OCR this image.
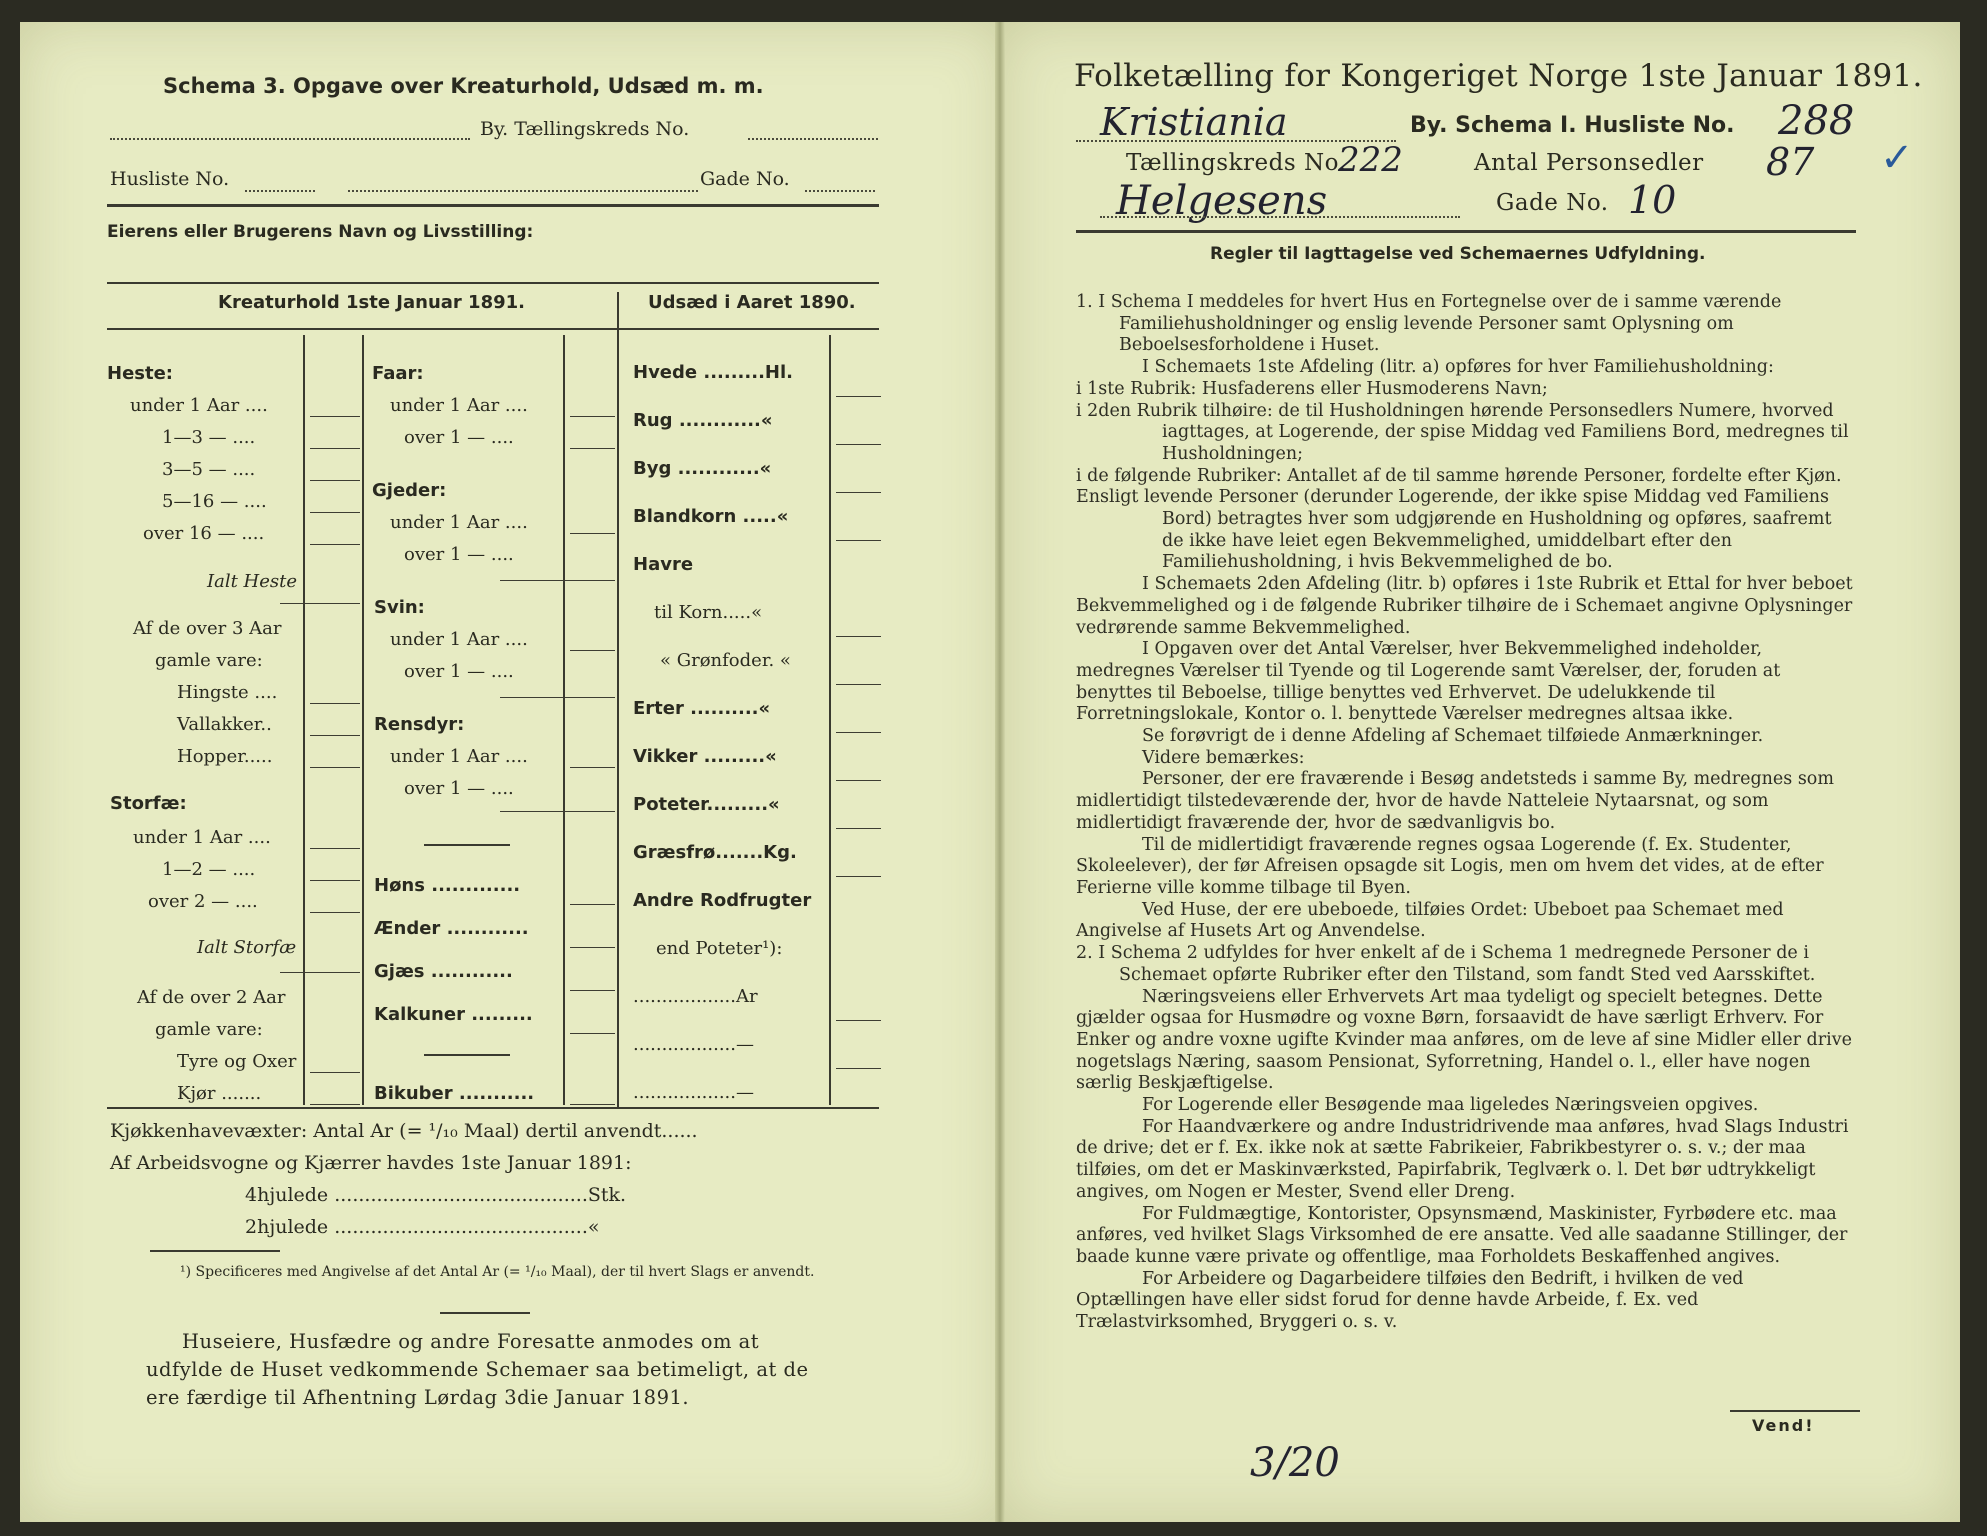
Schema 3. Opgave over Kreaturhold, Udsæd m. m.
By. Tællingskreds No.
Husliste No.	Gade No.
Eierens eller Brugerens Navn og Livsstilling:
Kreaturhold 1ste Januar 1891.	Udsæd i Aaret 1890.
Heste:
under 1 Aar ....
1—3 — ....
3—5 — ....
5—16 — ....
over 16 — ....
Ialt Heste
Af de over 3 Aar
gamle vare:
Hingste ....
Vallakker..
Hopper.....
Storfæ:
under 1 Aar ....
1—2 — ....
over 2 — ....
Ialt Storfæ
Af de over 2 Aar
gamle vare:
Tyre og Oxer
Kjør .......
Faar:
under 1 Aar ....
over 1 — ....
Gjeder:
under 1 Aar ....
over 1 — ....
Svin:
under 1 Aar ....
over 1 — ....
Rensdyr:
under 1 Aar ....
over 1 — ....
Høns .............
Ænder ............
Gjæs ............
Kalkuner .........
Bikuber ...........
Hvede .........Hl.
Rug ............«
Byg ............«
Blandkorn .....«
Havre
til Korn.....«
« Grønfoder. «
Erter ..........«
Vikker .........«
Poteter.........«
Græsfrø.......Kg.
Andre Rodfrugter
end Poteter¹):
..................Ar
..................—
..................—
Kjøkkenhavevæxter: Antal Ar (= ¹/₁₀ Maal) dertil anvendt......
Af Arbeidsvogne og Kjærrer havdes 1ste Januar 1891:
4hjulede ..........................................Stk.
2hjulede ..........................................«
¹) Specificeres med Angivelse af det Antal Ar (= ¹/₁₀ Maal), der til hvert Slags er anvendt.
Huseiere, Husfædre og andre Foresatte anmodes om at
udfylde de Huset vedkommende Schemaer saa betimeligt, at de
ere færdige til Afhentning Lørdag 3die Januar 1891.
Folketælling for Kongeriget Norge 1ste Januar 1891.
Kristiania	By. Schema I. Husliste No. 288
Tællingskreds No.
222	Antal Personsedler 87 ✓
Helgesens	Gade No. 10
Regler til Iagttagelse ved Schemaernes Udfyldning.

1. I Schema I meddeles for hvert Hus en Fortegnelse over de i samme værende Familiehusholdninger og enslig levende Personer samt Oplysning om Beboelsesforholdene i Huset.

I Schemaets 1ste Afdeling (litr. a) opføres for hver Familiehusholdning:

i 1ste Rubrik: Husfaderens eller Husmoderens Navn;

i 2den Rubrik tilhøire: de til Husholdningen hørende Personsedlers Numere, hvorved iagttages, at Logerende, der spise Middag ved Familiens Bord, medregnes til Husholdningen;

i de følgende Rubriker: Antallet af de til samme hørende Personer, fordelte efter Kjøn.

Ensligt levende Personer (derunder Logerende, der ikke spise Middag ved Familiens Bord) betragtes hver som udgjørende en Husholdning og opføres, saafremt de ikke have leiet egen Bekvemmelighed, umiddelbart efter den Familiehusholdning, i hvis Bekvemmelighed de bo.

I Schemaets 2den Afdeling (litr. b) opføres i 1ste Rubrik et Ettal for hver beboet Bekvemmelighed og i de følgende Rubriker tilhøire de i Schemaet angivne Oplysninger vedrørende samme Bekvemmelighed.

I Opgaven over det Antal Værelser, hver Bekvemmelighed indeholder, medregnes Værelser til Tyende og til Logerende samt Værelser, der, foruden at benyttes til Beboelse, tillige benyttes ved Erhvervet. De udelukkende til Forretningslokale, Kontor o. l. benyttede Værelser medregnes altsaa ikke.

Se forøvrigt de i denne Afdeling af Schemaet tilføiede Anmærkninger.

Videre bemærkes:

Personer, der ere fraværende i Besøg andetsteds i samme By, medregnes som midlertidigt tilstedeværende der, hvor de havde Natteleie Nytaarsnat, og som midlertidigt fraværende der, hvor de sædvanligvis bo.

Til de midlertidigt fraværende regnes ogsaa Logerende (f. Ex. Studenter, Skoleelever), der før Afreisen opsagde sit Logis, men om hvem det vides, at de efter Ferierne ville komme tilbage til Byen.

Ved Huse, der ere ubeboede, tilføies Ordet: Ubeboet paa Schemaet med Angivelse af Husets Art og Anvendelse.

2. I Schema 2 udfyldes for hver enkelt af de i Schema 1 medregnede Personer de i Schemaet opførte Rubriker efter den Tilstand, som fandt Sted ved Aarsskiftet.

Næringsveiens eller Erhvervets Art maa tydeligt og specielt betegnes. Dette gjælder ogsaa for Husmødre og voxne Børn, forsaavidt de have særligt Erhverv. For Enker og andre voxne ugifte Kvinder maa anføres, om de leve af sine Midler eller drive nogetslags Næring, saasom Pensionat, Syforretning, Handel o. l., eller have nogen særlig Beskjæftigelse.

For Logerende eller Besøgende maa ligeledes Næringsveien opgives.

For Haandværkere og andre Industridrivende maa anføres, hvad Slags Industri de drive; det er f. Ex. ikke nok at sætte Fabrikeier, Fabrikbestyrer o. s. v.; der maa tilføies, om det er Maskinværksted, Papirfabrik, Teglværk o. l. Det bør udtrykkeligt angives, om Nogen er Mester, Svend eller Dreng.

For Fuldmægtige, Kontorister, Opsynsmænd, Maskinister, Fyrbødere etc. maa anføres, ved hvilket Slags Virksomhed de ere ansatte. Ved alle saadanne Stillinger, der baade kunne være private og offentlige, maa Forholdets Beskaffenhed angives.

For Arbeidere og Dagarbeidere tilføies den Bedrift, i hvilken de ved Optællingen have eller sidst forud for denne havde Arbeide, f. Ex. ved Trælastvirksomhed, Bryggeri o. s. v.

Vend!
3/20
